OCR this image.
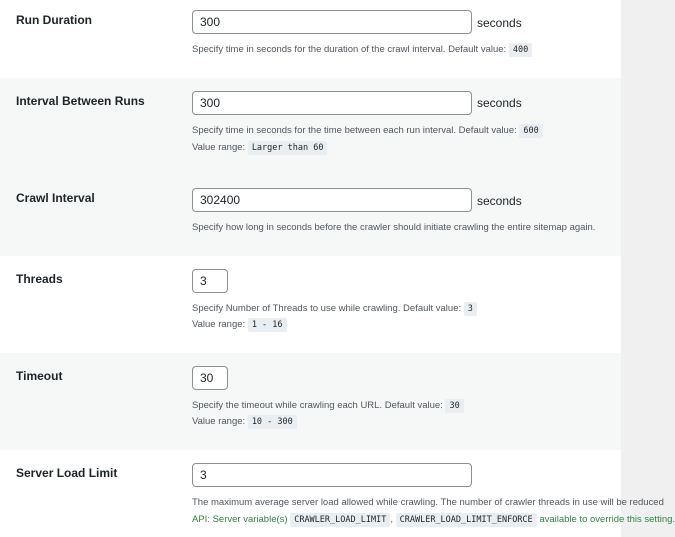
Run Duration	300	seconds
Specify time in seconds for the duration of the crawl interval. Default value: 400
Interval Between Runs	300	seconds
Specify time in seconds for the time between each run interval. Default value: 600
Value range: Larger than 60
Crawl Interval	302400	seconds
Specify how long in seconds before the crawler should initiate crawling the entire sitemap again.
Threads	3
Specify Number of Threads to use while crawling. Default value: 3
Value range: 1 - 16
Timeout	30
Specify the timeout while crawling each URL. Default value: 30
Value range: 10 - 300
Server Load Limit	3
The maximum average server load allowed while crawling. The number of crawler threads in use will be reduced
API: Server variable(s) CRAWLER_LOAD_LIMIT , CRAWLER_LOAD_LIMIT_ENFORCE available to override this setting.
